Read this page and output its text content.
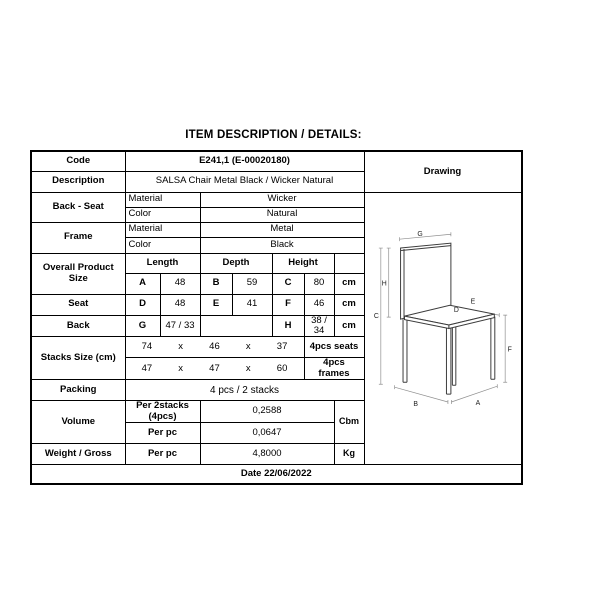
ITEM DESCRIPTION / DETAILS:
Code	E241,1 (E-00020180)							Drawing
Description	SALSA Chair Metal Black / Wicker Natural							
Back - Seat	Material	Wicker	
G
H
C
E
D
F
B	A

	Color		Natural					
Frame	Material		Metal					
	Color		Black					
Overall Product Size	Length		Depth		Height			
	A	48	B	59	C	80	cm	
Seat	D	48	E	41	F	46	cm	
Back	G	47 / 33			H	38 / 34	cm	
Stacks Size (cm)	74 x 46 x 37					4pcs seats		

	47 x 47 x 60					4pcs frames		
Packing	4 pcs / 2 stacks							
Volume	Per 2stacks (4pcs)		0,2588				Cbm	
	Per pc		0,0647					
Weight / Gross	Per pc		4,8000				Kg	
Date 22/06/2022								
